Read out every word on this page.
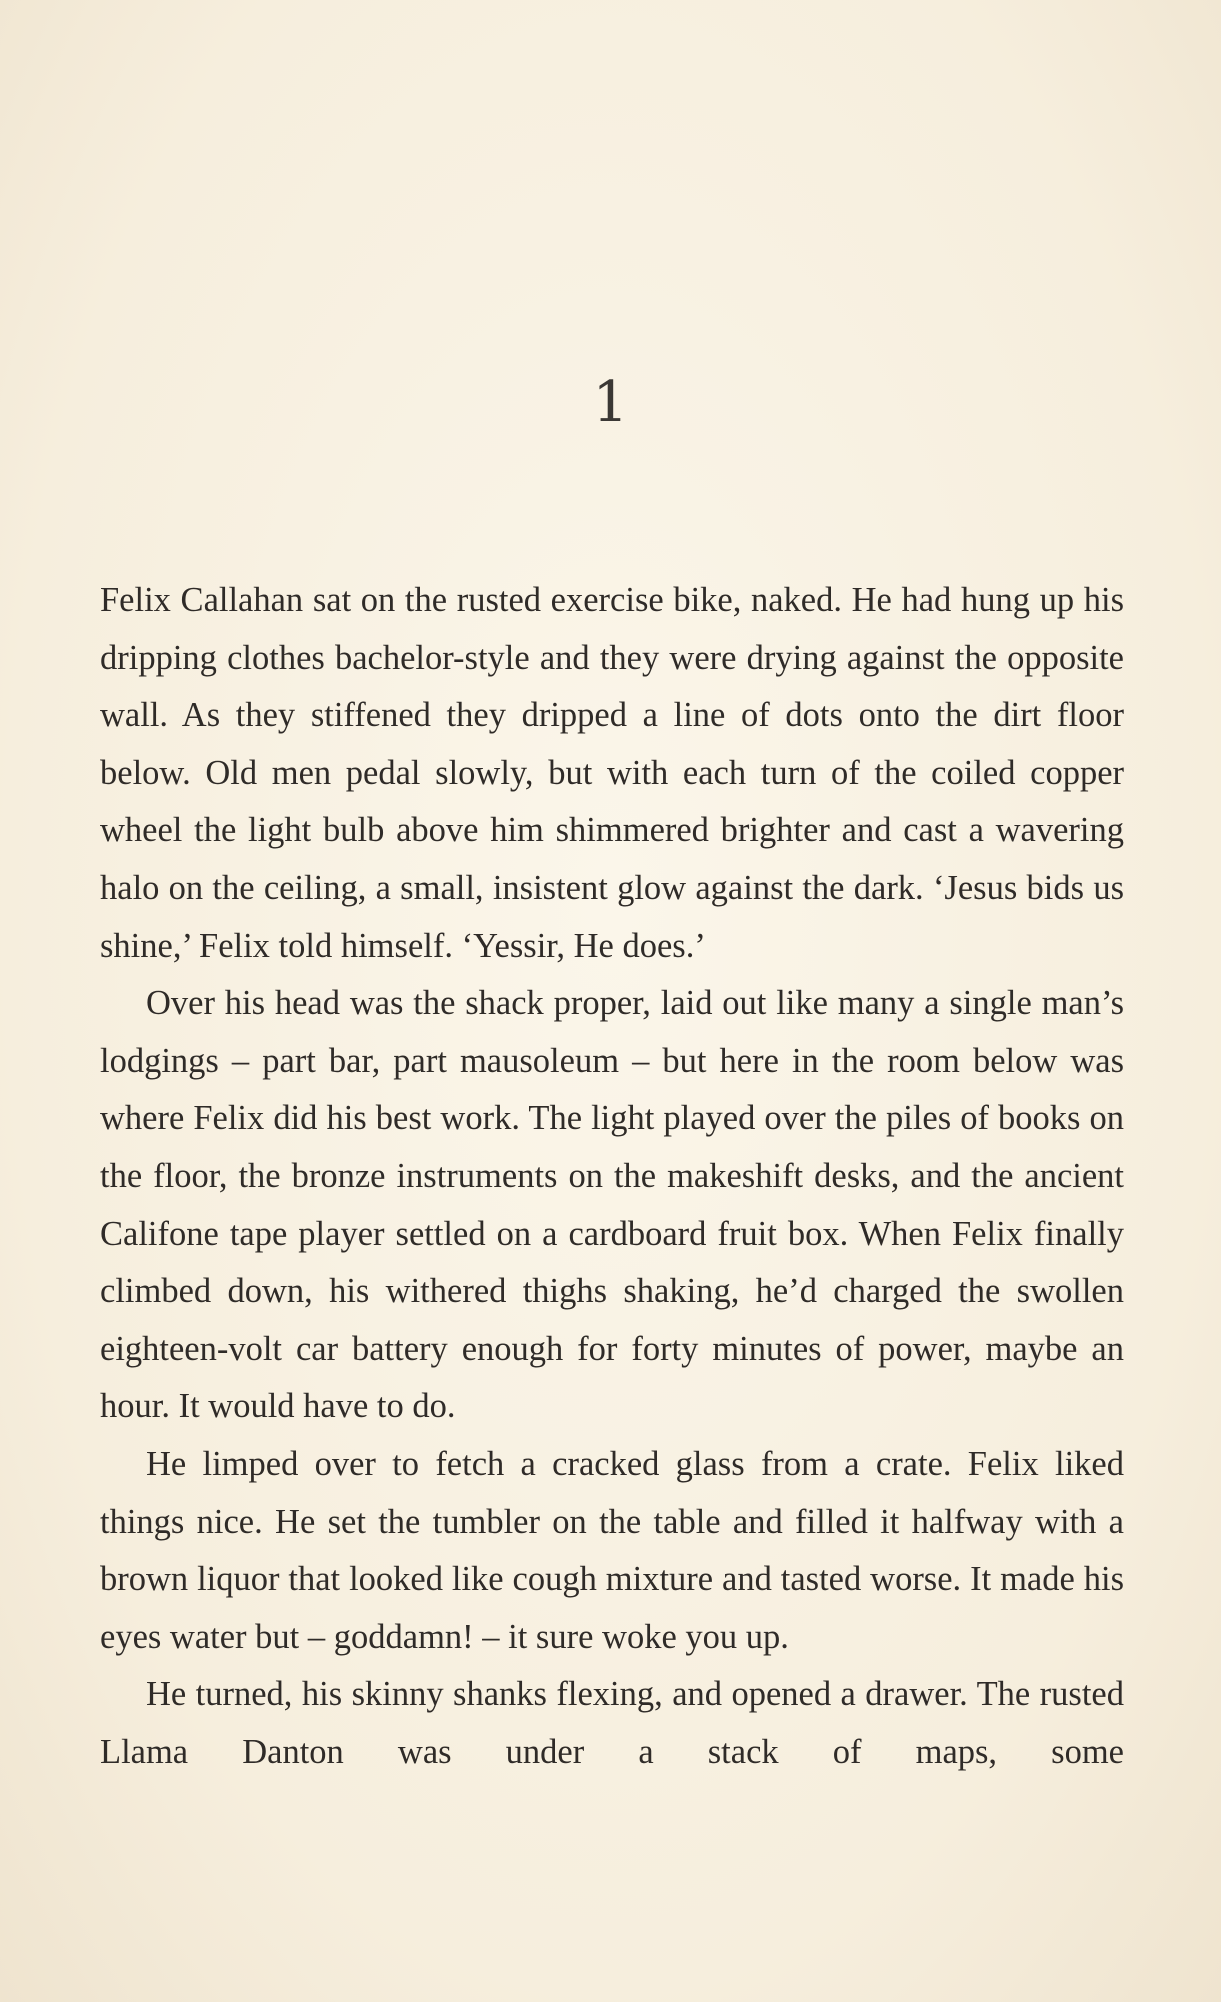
1

Felix Callahan sat on the rusted exercise bike, naked. He had hung up his dripping clothes bachelor-style and they were drying against the opposite wall. As they stiffened they dripped a line of dots onto the dirt floor below. Old men pedal slowly, but with each turn of the coiled copper wheel the light bulb above him shimmered brighter and cast a wavering halo on the ceiling, a small, insistent glow against the dark. ‘Jesus bids us shine,’ Felix told himself. ‘Yessir, He does.’

Over his head was the shack proper, laid out like many a single man’s lodgings – part bar, part mausoleum – but here in the room below was where Felix did his best work. The light played over the piles of books on the floor, the bronze instruments on the makeshift desks, and the ancient Califone tape player settled on a cardboard fruit box. When Felix finally climbed down, his withered thighs shaking, he’d charged the swollen eighteen-volt car battery enough for forty minutes of power, maybe an hour. It would have to do.

He limped over to fetch a cracked glass from a crate. Felix liked things nice. He set the tumbler on the table and filled it halfway with a brown liquor that looked like cough mixture and tasted worse. It made his eyes water but – goddamn! – it sure woke you up.

He turned, his skinny shanks flexing, and opened a drawer. The rusted Llama Danton was under a stack of maps, some
